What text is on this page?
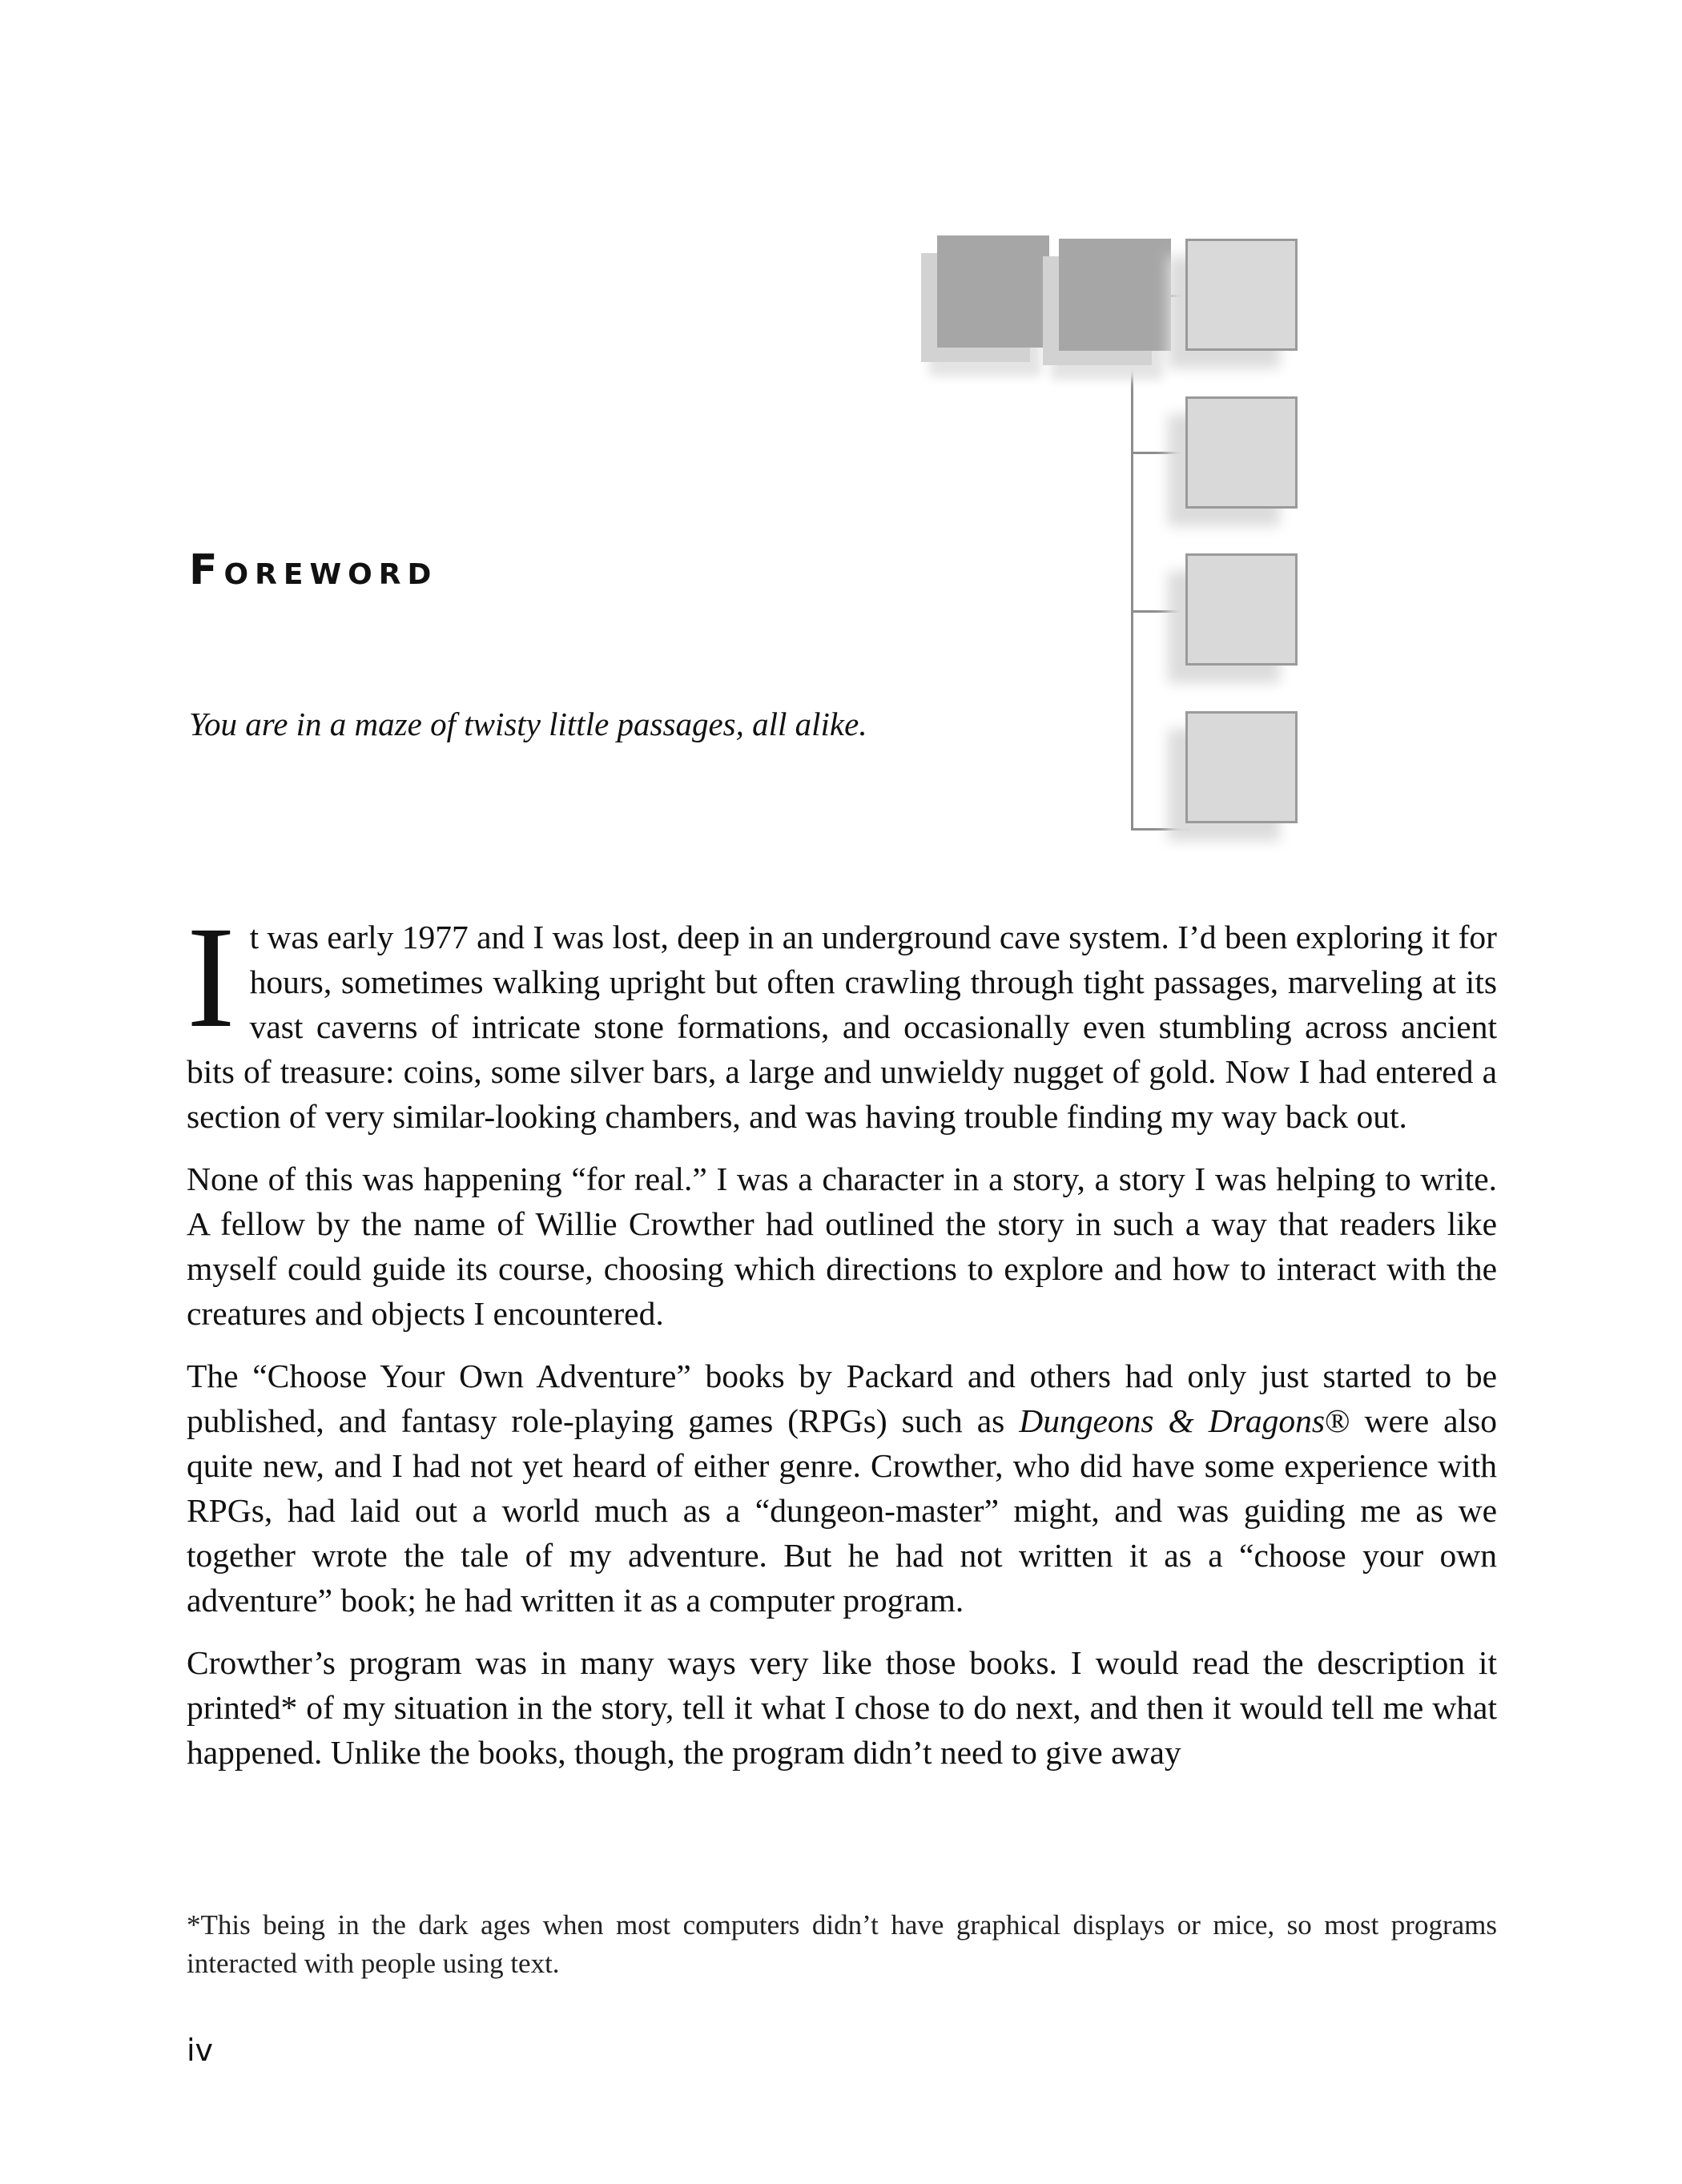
Foreword
You are in a maze of twisty little passages, all alike.

It was early 1977 and I was lost, deep in an underground cave system. I’d been exploring it for hours, sometimes walking upright but often crawling through tight passages, marveling at its vast caverns of intricate stone formations, and occasionally even stumbling across ancient bits of treasure: coins, some silver bars, a large and unwieldy nugget of gold. Now I had entered a section of very similar-looking chambers, and was having trouble finding my way back out.

None of this was happening “for real.” I was a character in a story, a story I was helping to write. A fellow by the name of Willie Crowther had outlined the story in such a way that readers like myself could guide its course, choosing which directions to explore and how to interact with the creatures and objects I encountered.

The “Choose Your Own Adventure” books by Packard and others had only just started to be published, and fantasy role-playing games (RPGs) such as Dungeons & Dragons® were also quite new, and I had not yet heard of either genre. Crowther, who did have some experience with RPGs, had laid out a world much as a “dungeon-master” might, and was guiding me as we together wrote the tale of my adventure. But he had not written it as a “choose your own adventure” book; he had written it as a computer program.

Crowther’s program was in many ways very like those books. I would read the description it printed* of my situation in the story, tell it what I chose to do next, and then it would tell me what happened. Unlike the books, though, the program didn’t need to give away

*This being in the dark ages when most computers didn’t have graphical displays or mice, so most programs interacted with people using text.
iv
